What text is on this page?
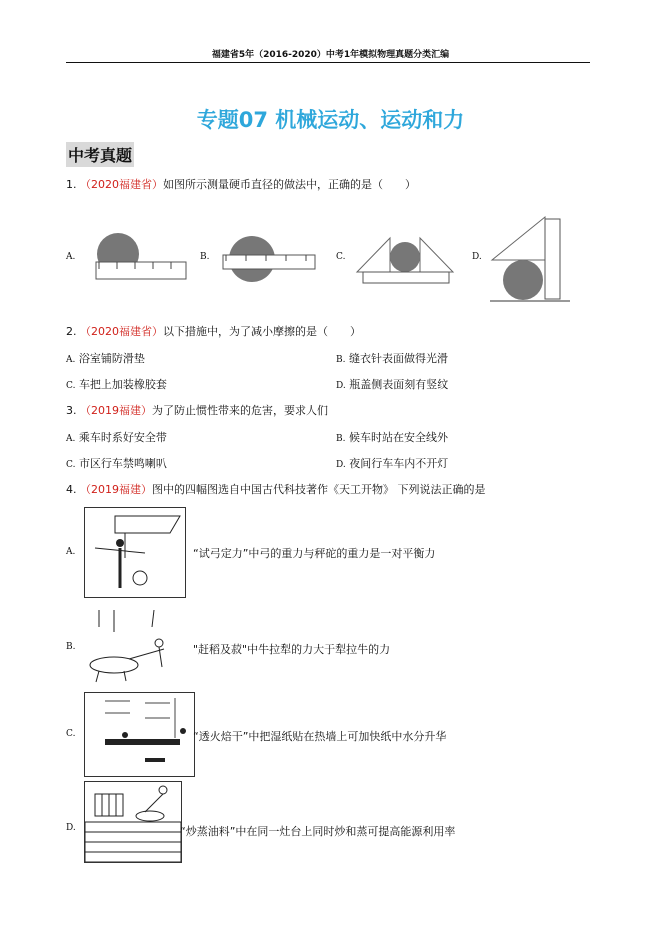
福建省5年（2016-2020）中考1年模拟物理真题分类汇编
专题07 机械运动、运动和力
中考真题
1. （2020福建省）如图所示测量硬币直径的做法中，正确的是（　　）
A.	B.	C.	D.
2. （2020福建省）以下措施中，为了减小摩擦的是（　　）
A. 浴室铺防滑垫	B. 缝衣针表面做得光滑
C. 车把上加装橡胶套	D. 瓶盖侧表面刻有竖纹
3. （2019福建）为了防止惯性带来的危害，要求人们
A. 乘车时系好安全带	B. 候车时站在安全线外
C. 市区行车禁鸣喇叭	D. 夜间行车车内不开灯
4. （2019福建）图中的四幅图选自中国古代科技著作《天工开物》 下列说法正确的是
A.	“试弓定力”中弓的重力与秤砣的重力是一对平衡力
B.	"赶稻及菽"中牛拉犁的力大于犁拉牛的力
C.	“透火焙干”中把湿纸贴在热墙上可加快纸中水分升华
D.	“炒蒸油料”中在同一灶台上同时炒和蒸可提高能源利用率
